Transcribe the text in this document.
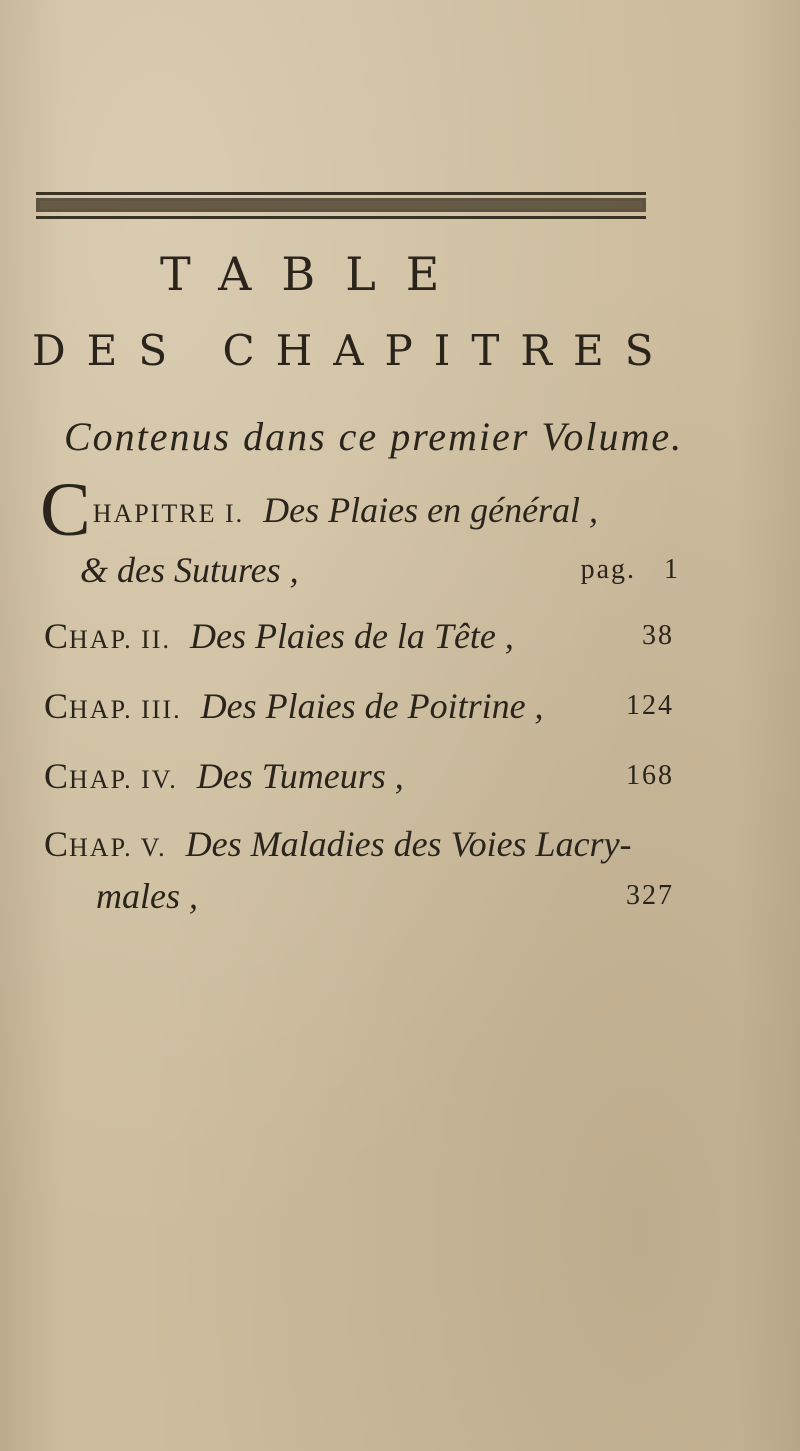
TABLE
DES CHAPITRES
Contenus dans ce premier Volume.
C HAPITRE I. Des Plaies en général ,
& des Sutures ,	pag. 1
CHAP. II. Des Plaies de la Tête ,	38
CHAP. III. Des Plaies de Poitrine ,	124
CHAP. IV. Des Tumeurs ,	168
CHAP. V. Des Maladies des Voies Lacry-
males ,	327
